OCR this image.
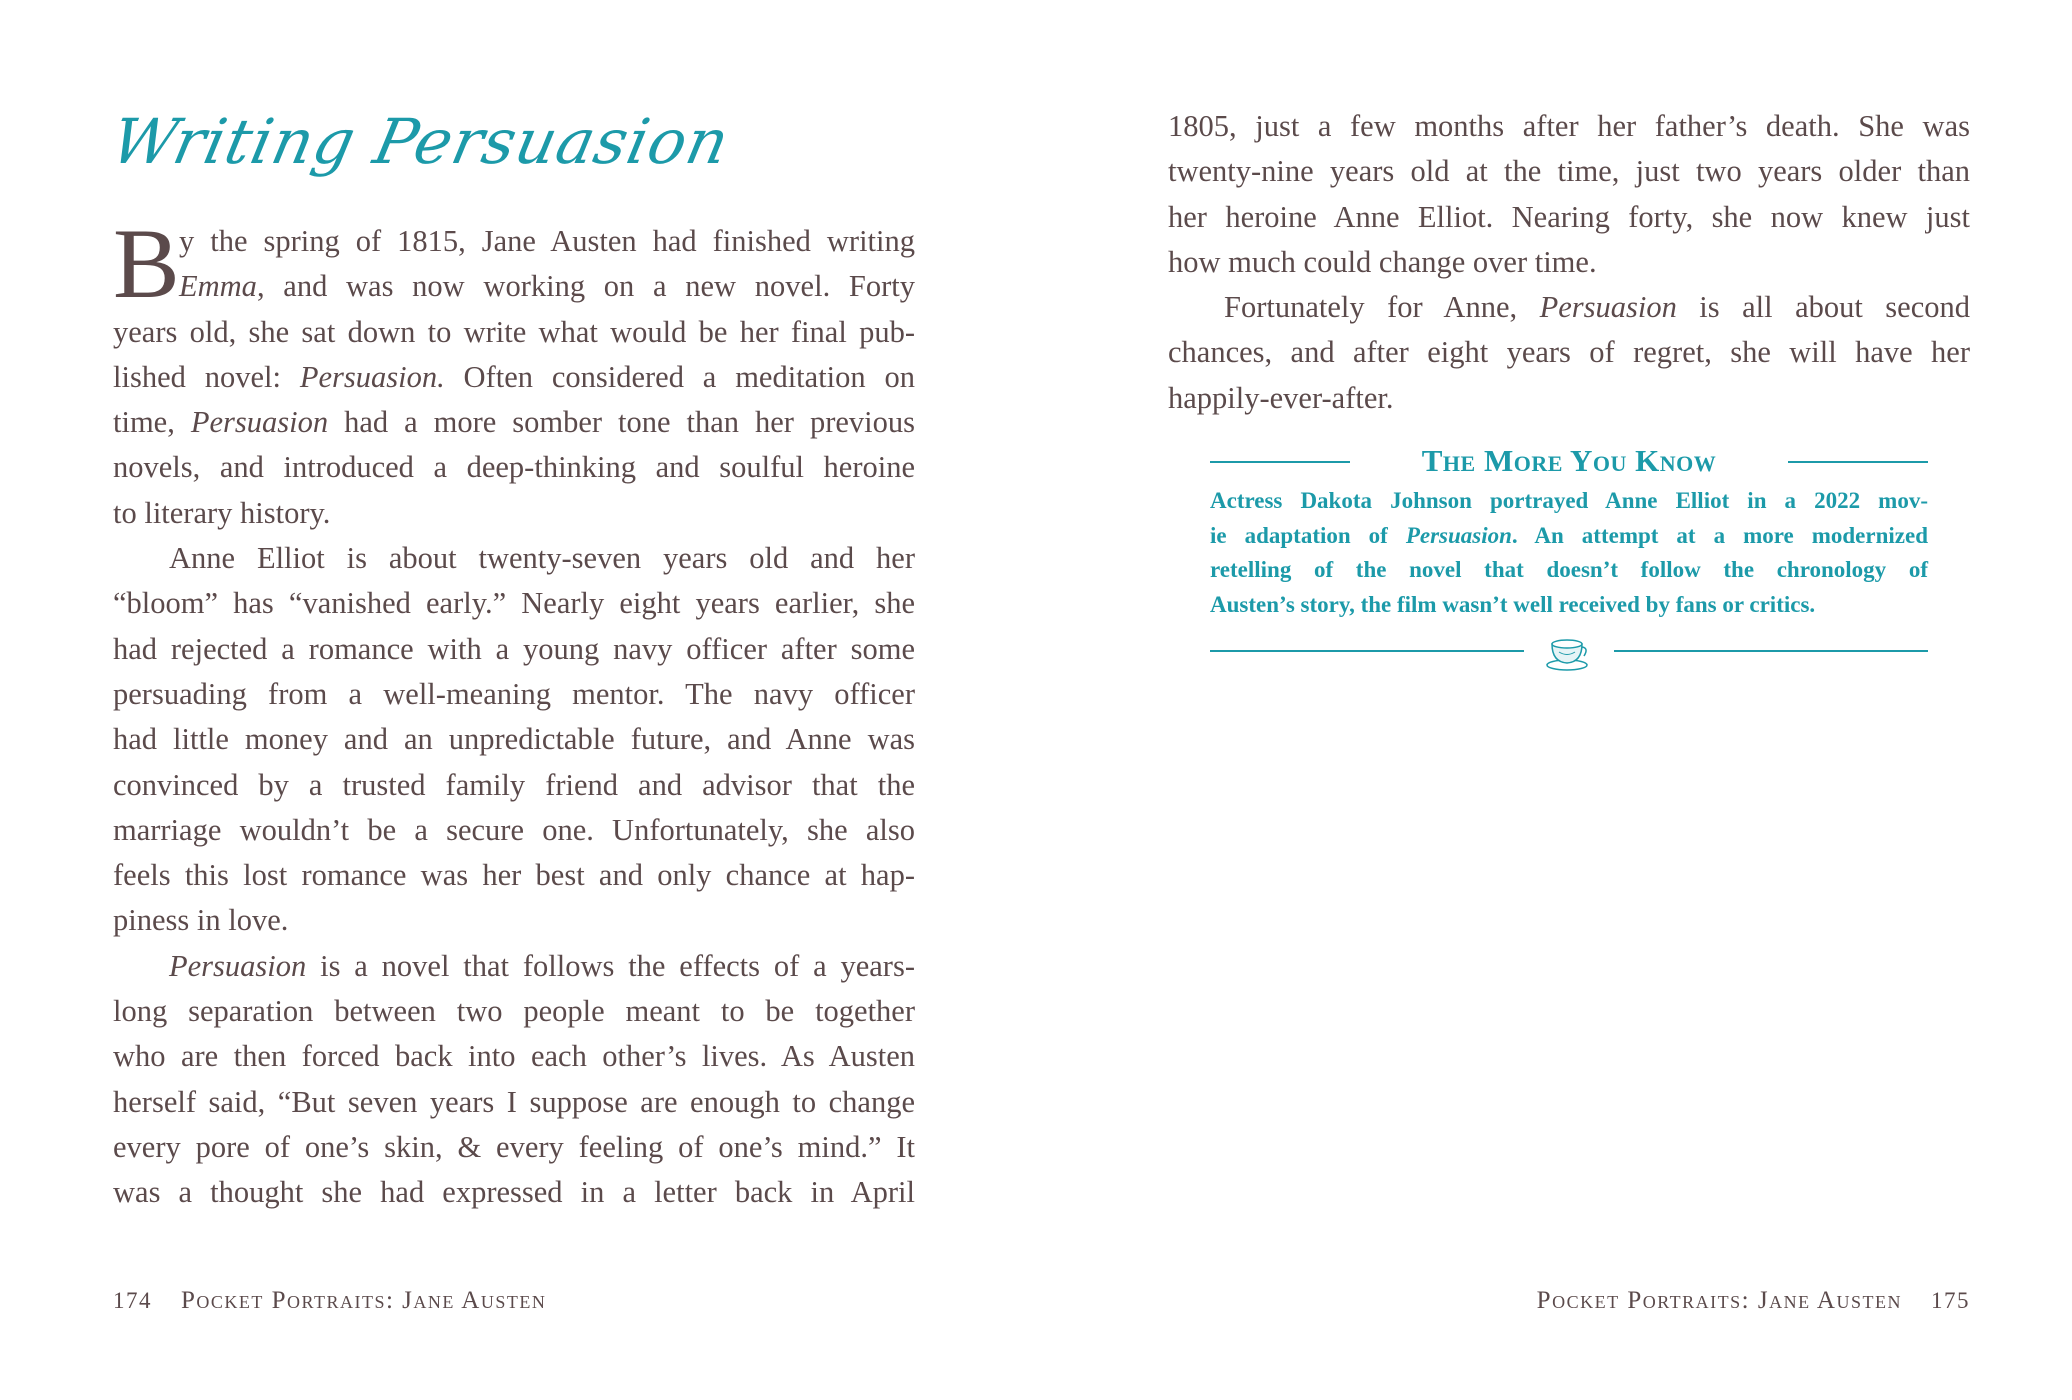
Writing Persuasion
B y the spring of 1815, Jane Austen had finished writing
Emma, and was now working on a new novel. Forty
years old, she sat down to write what would be her final pub-
lished novel: Persuasion. Often considered a meditation on
time, Persuasion had a more somber tone than her previous
novels, and introduced a deep-thinking and soulful heroine
to literary history.
Anne Elliot is about twenty-seven years old and her
“bloom” has “vanished early.” Nearly eight years earlier, she
had rejected a romance with a young navy officer after some
persuading from a well-meaning mentor. The navy officer
had little money and an unpredictable future, and Anne was
convinced by a trusted family friend and advisor that the
marriage wouldn’t be a secure one. Unfortunately, she also
feels this lost romance was her best and only chance at hap-
piness in love.
Persuasion is a novel that follows the effects of a years-
long separation between two people meant to be together
who are then forced back into each other’s lives. As Austen
herself said, “But seven years I suppose are enough to change
every pore of one’s skin, & every feeling of one’s mind.” It
was a thought she had expressed in a letter back in April
1805, just a few months after her father’s death. She was
twenty-nine years old at the time, just two years older than
her heroine Anne Elliot. Nearing forty, she now knew just
how much could change over time.
Fortunately for Anne, Persuasion is all about second
chances, and after eight years of regret, she will have her
happily-ever-after.
The More You Know
Actress Dakota Johnson portrayed Anne Elliot in a 2022 mov-
ie adaptation of Persuasion. An attempt at a more modernized
retelling of the novel that doesn’t follow the chronology of
Austen’s story, the film wasn’t well received by fans or critics.
174 Pocket Portraits: Jane Austen	Pocket Portraits: Jane Austen 175
